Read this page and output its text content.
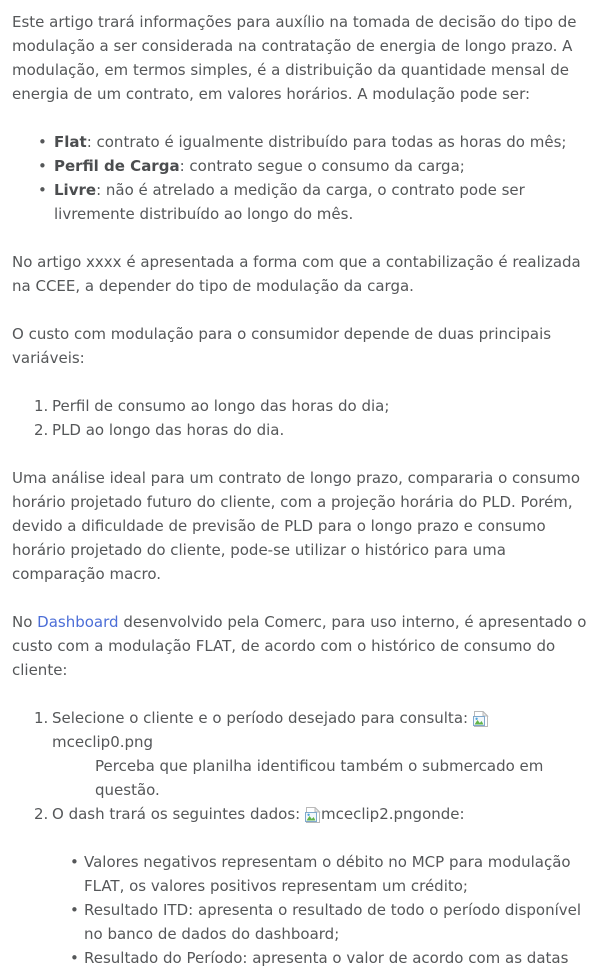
Este artigo trará informações para auxílio na tomada de decisão do tipo de modulação a ser considerada na contratação de energia de longo prazo. A modulação, em termos simples, é a distribuição da quantidade mensal de energia de um contrato, em valores horários. A modulação pode ser:

• Flat: contrato é igualmente distribuído para todas as horas do mês;
• Perfil de Carga: contrato segue o consumo da carga;
• Livre: não é atrelado a medição da carga, o contrato pode ser livremente distribuído ao longo do mês.

No artigo xxxx é apresentada a forma com que a contabilização é realizada na CCEE, a depender do tipo de modulação da carga.

O custo com modulação para o consumidor depende de duas principais variáveis:

Perfil de consumo ao longo das horas do dia;
PLD ao longo das horas do dia.

Uma análise ideal para um contrato de longo prazo, compararia o consumo horário projetado futuro do cliente, com a projeção horária do PLD. Porém, devido a dificuldade de previsão de PLD para o longo prazo e consumo horário projetado do cliente, pode-se utilizar o histórico para uma comparação macro.

No Dashboard desenvolvido pela Comerc, para uso interno, é apresentado o custo com a modulação FLAT, de acordo com o histórico de consumo do cliente:

Selecione o cliente e o período desejado para consulta:
mceclip0.png
Perceba que planilha identificou também o submercado em questão.
O dash trará os seguintes dados:
mceclip2.pngonde:
• Valores negativos representam o débito no MCP para modulação FLAT, os valores positivos representam um crédito;
• Resultado ITD: apresenta o resultado de todo o período disponível no banco de dados do dashboard;
• Resultado do Período: apresenta o valor de acordo com as datas
